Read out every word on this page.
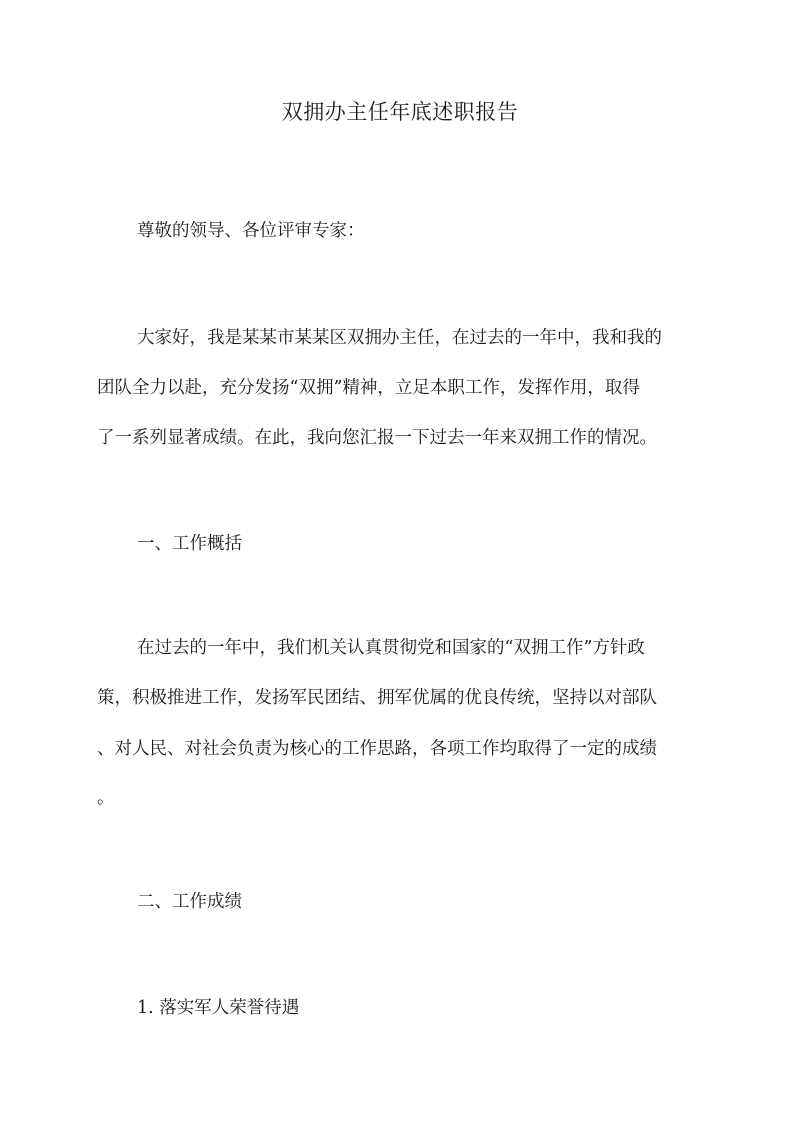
双拥办主任年底述职报告
尊敬的领导、各位评审专家：
大家好，我是某某市某某区双拥办主任，在过去的一年中，我和我的
团队全力以赴，充分发扬“双拥”精神，立足本职工作，发挥作用，取得
了一系列显著成绩。在此，我向您汇报一下过去一年来双拥工作的情况。
一、工作概括
在过去的一年中，我们机关认真贯彻党和国家的“双拥工作”方针政
策，积极推进工作，发扬军民团结、拥军优属的优良传统，坚持以对部队
、对人民、对社会负责为核心的工作思路，各项工作均取得了一定的成绩
。
二、工作成绩
1. 落实军人荣誉待遇
